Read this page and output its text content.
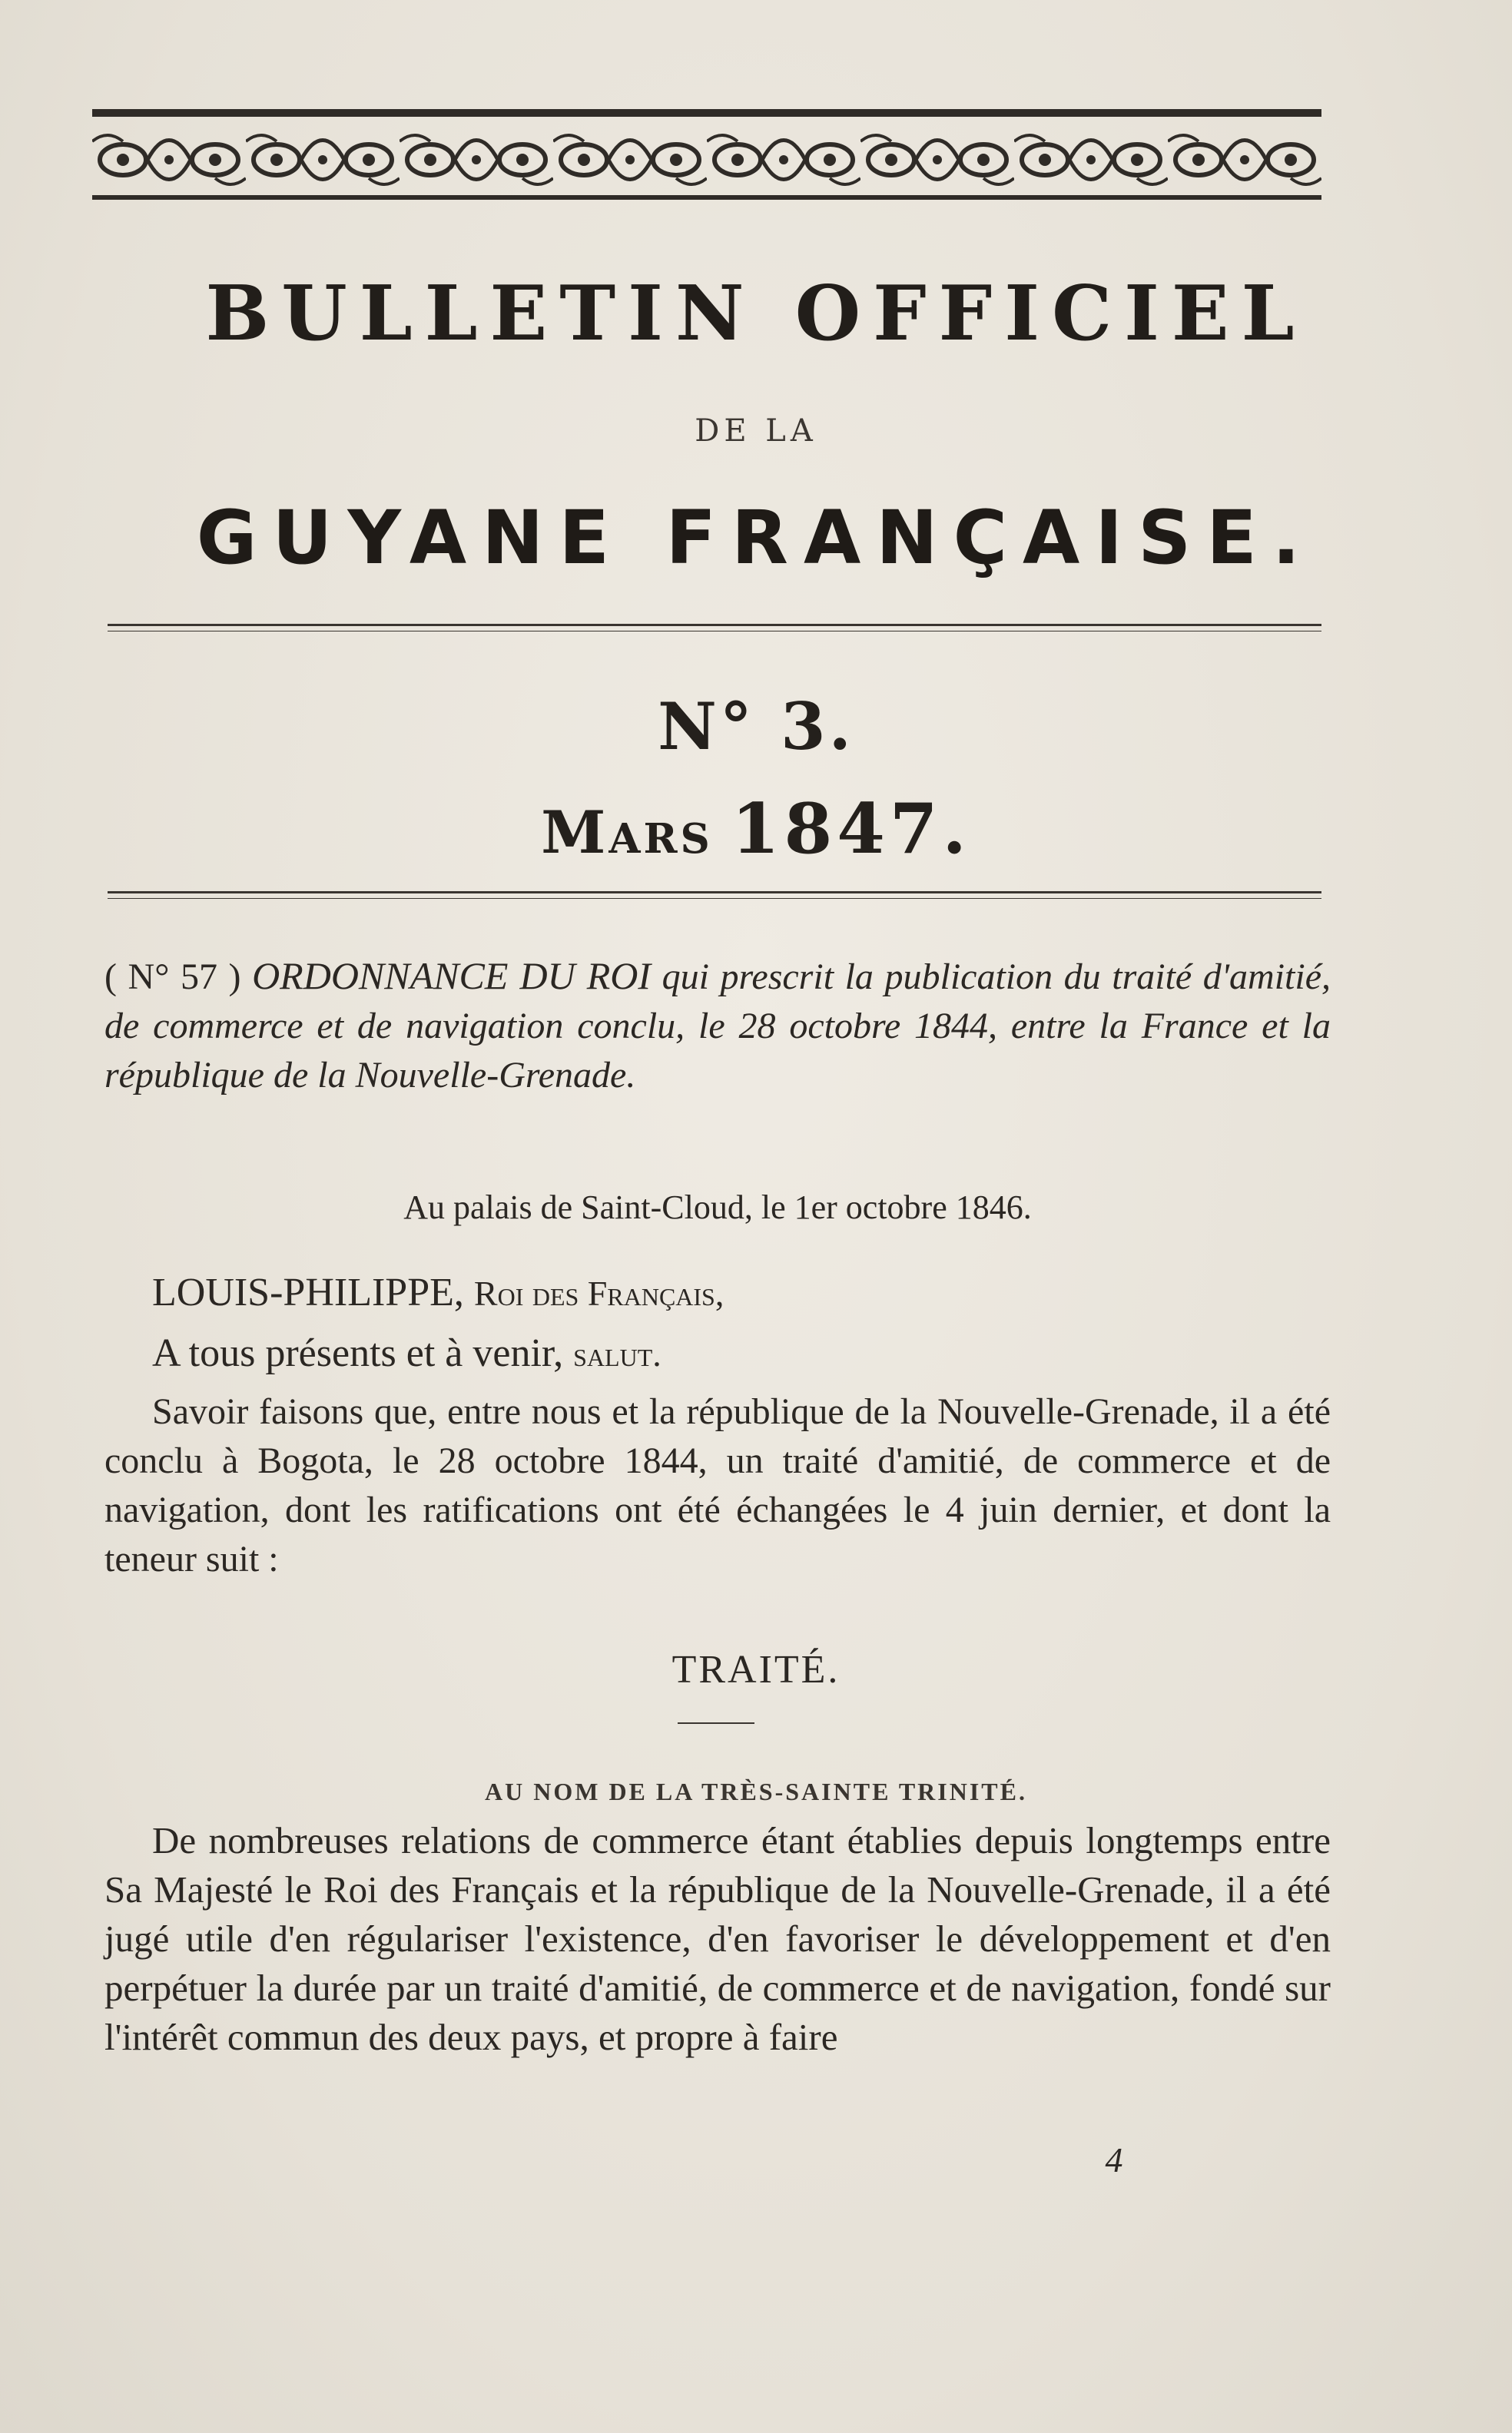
BULLETIN OFFICIEL
DE LA
GUYANE FRANÇAISE.
N° 3.
Mars 1847.
( N° 57 ) ORDONNANCE DU ROI qui prescrit la publication du traité d'amitié, de commerce et de navigation conclu, le 28 octobre 1844, entre la France et la république de la Nouvelle-Grenade.
Au palais de Saint-Cloud, le 1er octobre 1846.
LOUIS-PHILIPPE, Roi des Français,
A tous présents et à venir, salut.
Savoir faisons que, entre nous et la république de la Nouvelle-Grenade, il a été conclu à Bogota, le 28 octobre 1844, un traité d'amitié, de commerce et de navigation, dont les ratifications ont été échangées le 4 juin dernier, et dont la teneur suit :
TRAITÉ.
AU NOM DE LA TRÈS-SAINTE TRINITÉ.
De nombreuses relations de commerce étant établies depuis longtemps entre Sa Majesté le Roi des Français et la république de la Nouvelle-Grenade, il a été jugé utile d'en régulariser l'existence, d'en favoriser le développement et d'en perpétuer la durée par un traité d'amitié, de commerce et de navigation, fondé sur l'intérêt commun des deux pays, et propre à faire
4
